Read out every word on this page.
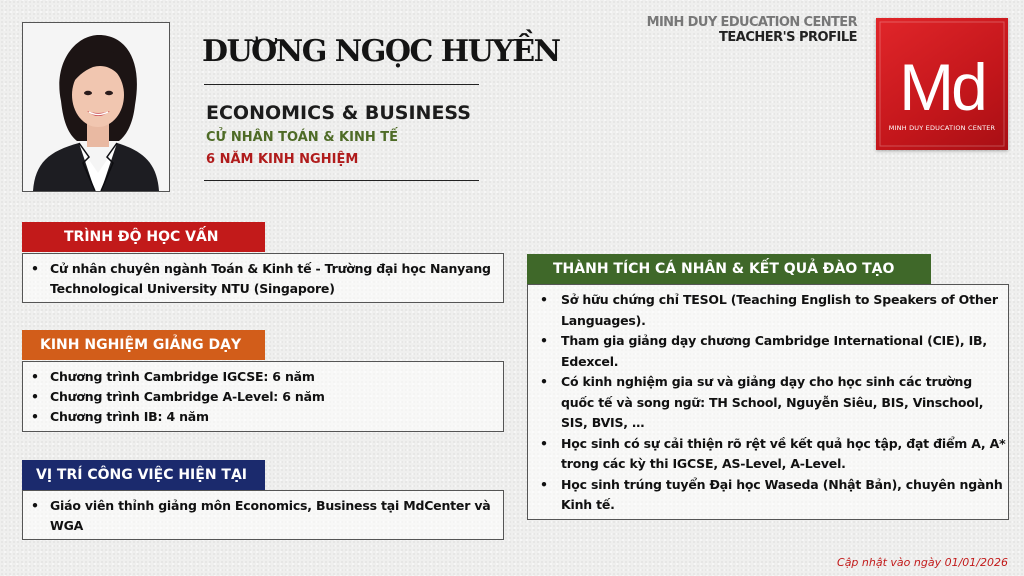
DƯƠNG NGỌC HUYỀN
ECONOMICS & BUSINESS
CỬ NHÂN TOÁN & KINH TẾ
6 NĂM KINH NGHIỆM
MINH DUY EDUCATION CENTER
TEACHER'S PROFILE
Md
MINH DUY EDUCATION CENTER
TRÌNH ĐỘ HỌC VẤN
• Cử nhân chuyên ngành Toán & Kinh tế - Trường đại học Nanyang Technological University NTU (Singapore)
KINH NGHIỆM GIẢNG DẠY
• Chương trình Cambridge IGCSE: 6 năm
• Chương trình Cambridge A-Level: 6 năm
• Chương trình IB: 4 năm
VỊ TRÍ CÔNG VIỆC HIỆN TẠI
• Giáo viên thỉnh giảng môn Economics, Business tại MdCenter và WGA
THÀNH TÍCH CÁ NHÂN & KẾT QUẢ ĐÀO TẠO
• Sở hữu chứng chỉ TESOL (Teaching English to Speakers of Other Languages).
• Tham gia giảng dạy chương Cambridge International (CIE), IB, Edexcel.
• Có kinh nghiệm gia sư và giảng dạy cho học sinh các trường quốc tế và song ngữ: TH School, Nguyễn Siêu, BIS, Vinschool, SIS, BVIS, …
• Học sinh có sự cải thiện rõ rệt về kết quả học tập, đạt điểm A, A* trong các kỳ thi IGCSE, AS-Level, A-Level.
• Học sinh trúng tuyển Đại học Waseda (Nhật Bản), chuyên ngành Kinh tế.
Cập nhật vào ngày 01/01/2026
